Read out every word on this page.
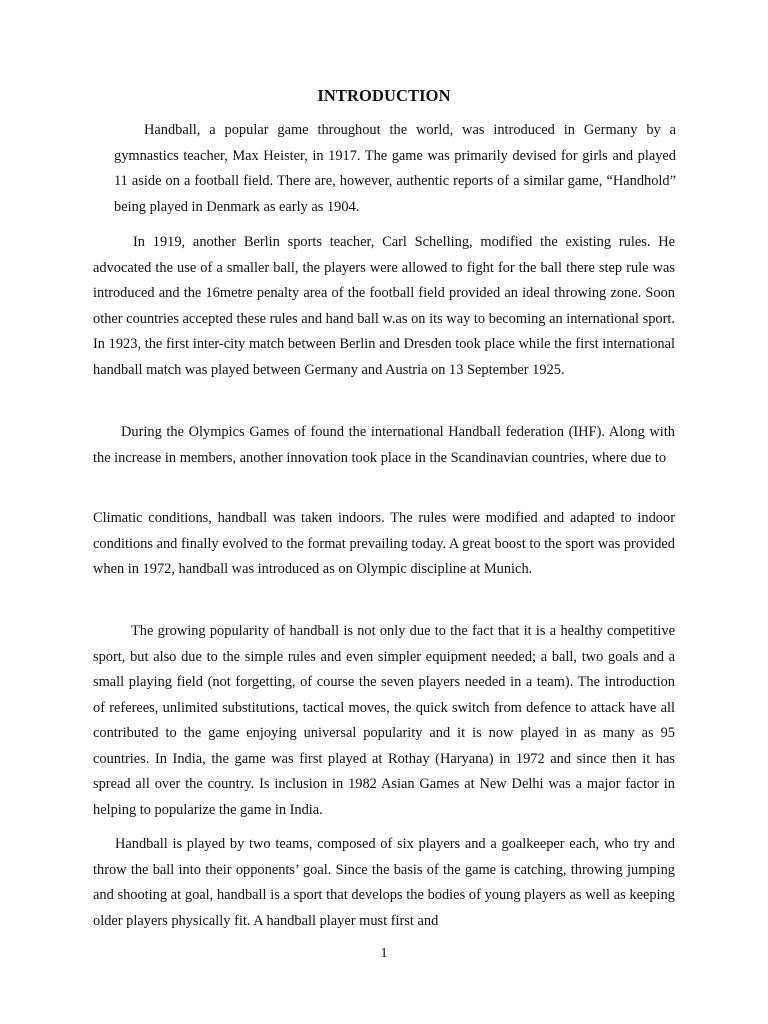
INTRODUCTION

Handball, a popular game throughout the world, was introduced in Germany by a gymnastics teacher, Max Heister, in 1917. The game was primarily devised for girls and played 11 aside on a football field. There are, however, authentic reports of a similar game, “Handhold” being played in Denmark as early as 1904.

In 1919, another Berlin sports teacher, Carl Schelling, modified the existing rules. He advocated the use of a smaller ball, the players were allowed to fight for the ball there step rule was introduced and the 16metre penalty area of the football field provided an ideal throwing zone. Soon other countries accepted these rules and hand ball w.as on its way to becoming an international sport. In 1923, the first inter-city match between Berlin and Dresden took place while the first international handball match was played between Germany and Austria on 13 September 1925.

During the Olympics Games of found the international Handball federation (IHF). Along with the increase in members, another innovation took place in the Scandinavian countries, where due to

Climatic conditions, handball was taken indoors. The rules were modified and adapted to indoor conditions and finally evolved to the format prevailing today. A great boost to the sport was provided when in 1972, handball was introduced as on Olympic discipline at Munich.

The growing popularity of handball is not only due to the fact that it is a healthy competitive sport, but also due to the simple rules and even simpler equipment needed; a ball, two goals and a small playing field (not forgetting, of course the seven players needed in a team). The introduction of referees, unlimited substitutions, tactical moves, the quick switch from defence to attack have all contributed to the game enjoying universal popularity and it is now played in as many as 95 countries. In India, the game was first played at Rothay (Haryana) in 1972 and since then it has spread all over the country. Is inclusion in 1982 Asian Games at New Delhi was a major factor in helping to popularize the game in India.

Handball is played by two teams, composed of six players and a goalkeeper each, who try and throw the ball into their opponents’ goal. Since the basis of the game is catching, throwing jumping and shooting at goal, handball is a sport that develops the bodies of young players as well as keeping older players physically fit. A handball player must first and

1
